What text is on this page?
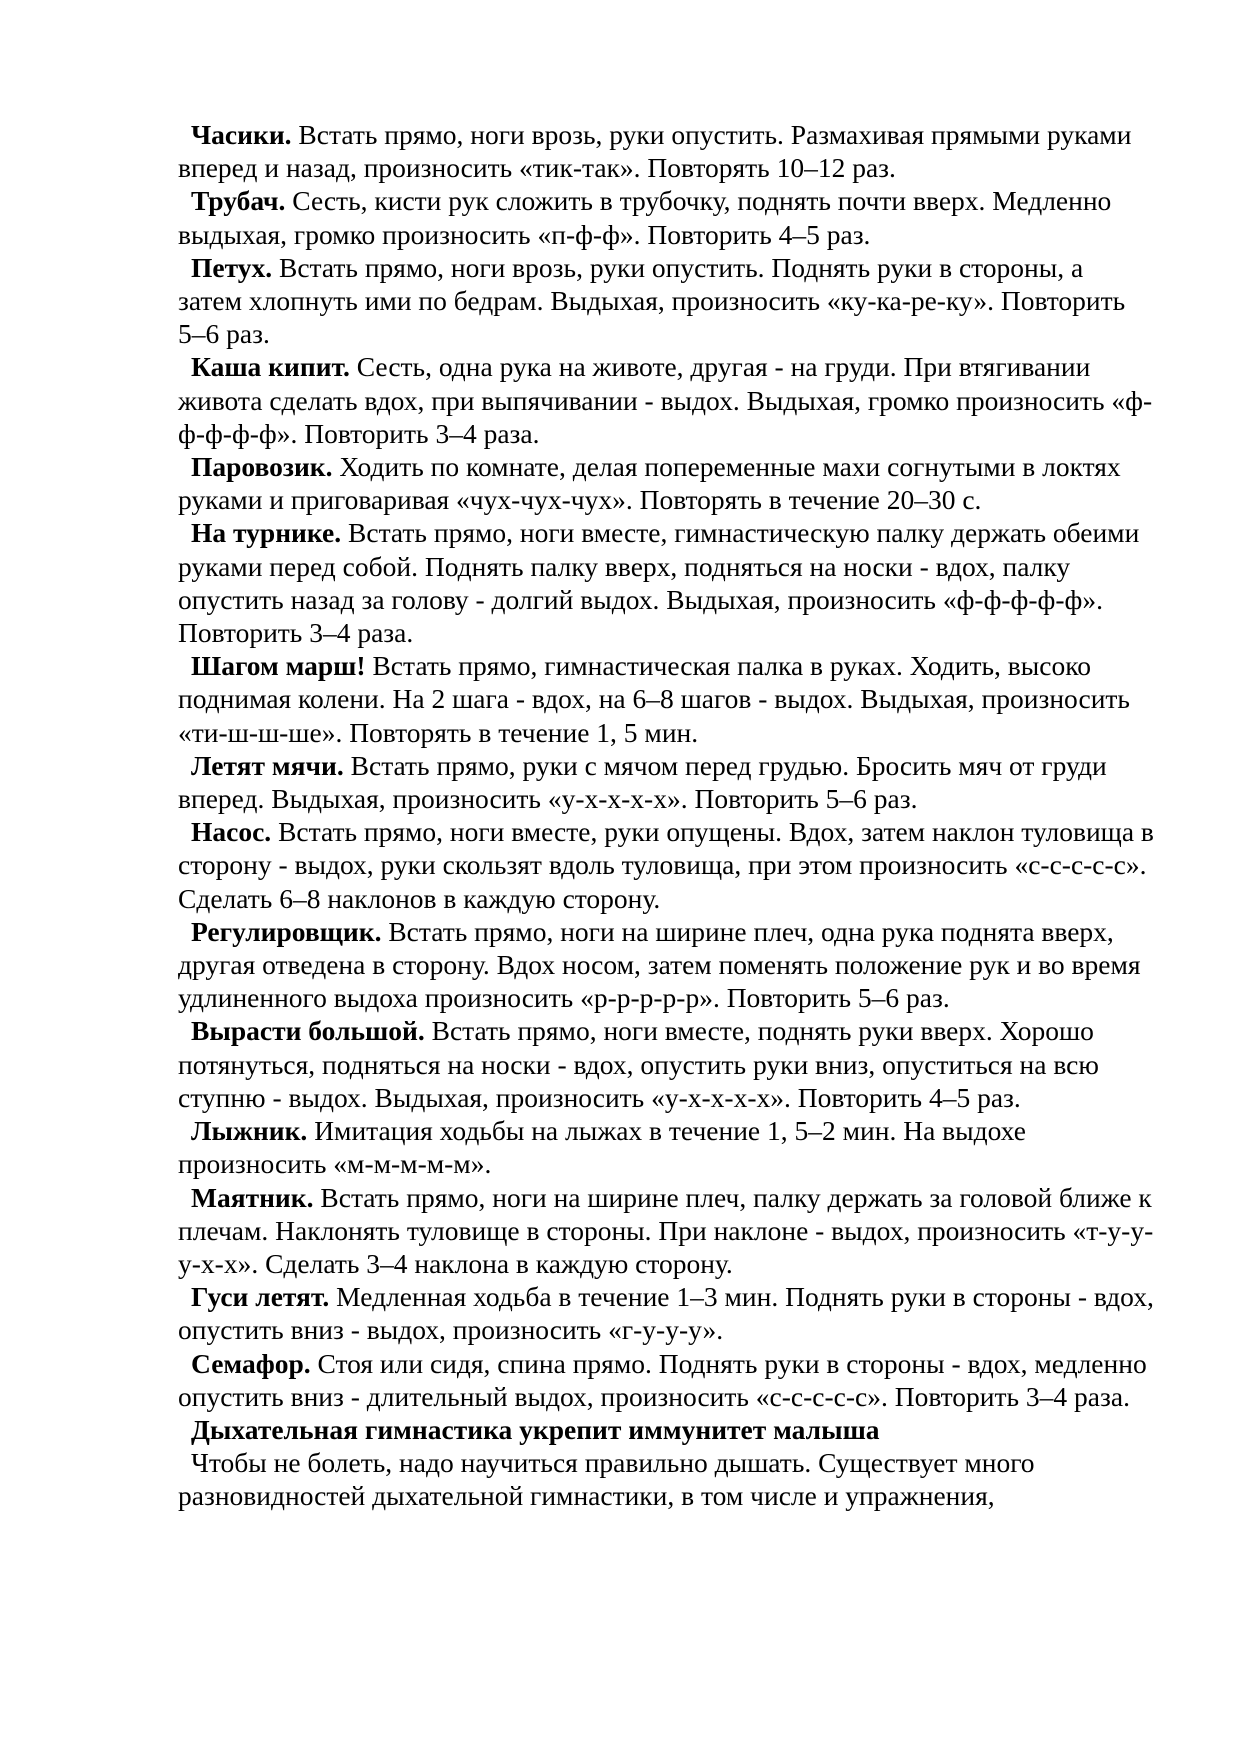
Часики. Встать прямо, ноги врозь, руки опустить. Размахивая прямыми руками вперед и назад, произносить «тик-так». Повторять 10–12 раз.

Трубач. Сесть, кисти рук сложить в трубочку, поднять почти вверх. Медленно выдыхая, громко произносить «п-ф-ф». Повторить 4–5 раз.

Петух. Встать прямо, ноги врозь, руки опустить. Поднять руки в стороны, а затем хлопнуть ими по бедрам. Выдыхая, произносить «ку-ка-ре-ку». Повторить 5–6 раз.

Каша кипит. Сесть, одна рука на животе, другая - на груди. При втягивании живота сделать вдох, при выпячивании - выдох. Выдыхая, громко произносить «ф-ф-ф-ф-ф». Повторить 3–4 раза.

Паровозик. Ходить по комнате, делая попеременные махи согнутыми в локтях руками и приговаривая «чух-чух-чух». Повторять в течение 20–30 с.

На турнике. Встать прямо, ноги вместе, гимнастическую палку держать обеими руками перед собой. Поднять палку вверх, подняться на носки - вдох, палку опустить назад за голову - долгий выдох. Выдыхая, произносить «ф-ф-ф-ф-ф». Повторить 3–4 раза.

Шагом марш! Встать прямо, гимнастическая палка в руках. Ходить, высоко поднимая колени. На 2 шага - вдох, на 6–8 шагов - выдох. Выдыхая, произносить «ти-ш-ш-ше». Повторять в течение 1, 5 мин.

Летят мячи. Встать прямо, руки с мячом перед грудью. Бросить мяч от груди вперед. Выдыхая, произносить «у-х-х-х-х». Повторить 5–6 раз.

Насос. Встать прямо, ноги вместе, руки опущены. Вдох, затем наклон туловища в сторону - выдох, руки скользят вдоль туловища, при этом произносить «с-с-с-с-с». Сделать 6–8 наклонов в каждую сторону.

Регулировщик. Встать прямо, ноги на ширине плеч, одна рука поднята вверх, другая отведена в сторону. Вдох носом, затем поменять положение рук и во время удлиненного выдоха произносить «р-р-р-р-р». Повторить 5–6 раз.

Вырасти большой. Встать прямо, ноги вместе, поднять руки вверх. Хорошо потянуться, подняться на носки - вдох, опустить руки вниз, опуститься на всю ступню - выдох. Выдыхая, произносить «у-х-х-х-х». Повторить 4–5 раз.

Лыжник. Имитация ходьбы на лыжах в течение 1, 5–2 мин. На выдохе произносить «м-м-м-м-м».

Маятник. Встать прямо, ноги на ширине плеч, палку держать за головой ближе к плечам. Наклонять туловище в стороны. При наклоне - выдох, произносить «т-у-у-у-х-х». Сделать 3–4 наклона в каждую сторону.

Гуси летят. Медленная ходьба в течение 1–3 мин. Поднять руки в стороны - вдох, опустить вниз - выдох, произносить «г-у-у-у».

Семафор. Стоя или сидя, спина прямо. Поднять руки в стороны - вдох, медленно опустить вниз - длительный выдох, произносить «с-с-с-с-с». Повторить 3–4 раза.

Дыхательная гимнастика укрепит иммунитет малыша

Чтобы не болеть, надо научиться правильно дышать. Существует много разновидностей дыхательной гимнастики, в том числе и упражнения,
